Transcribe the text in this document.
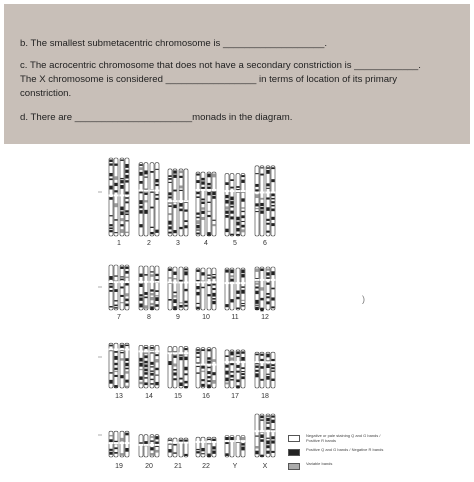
b. The smallest submetacentric chromosome is ___________________.
c. The acrocentric chromosome that does not have a secondary constriction is ____________.
The X chromosome is considered _________________ in terms of location of its primary
constriction.
d. There are ______________________monads in the diagram.
1	2	3	4	5	6
7	8	9	10	11	12
13	14	15	16	17	18
19	20	21	22	Y	X
Negative or pale staining Q and G bands / Positive R bands
Positive Q and G bands / Negative R bands
Variable bands
)
